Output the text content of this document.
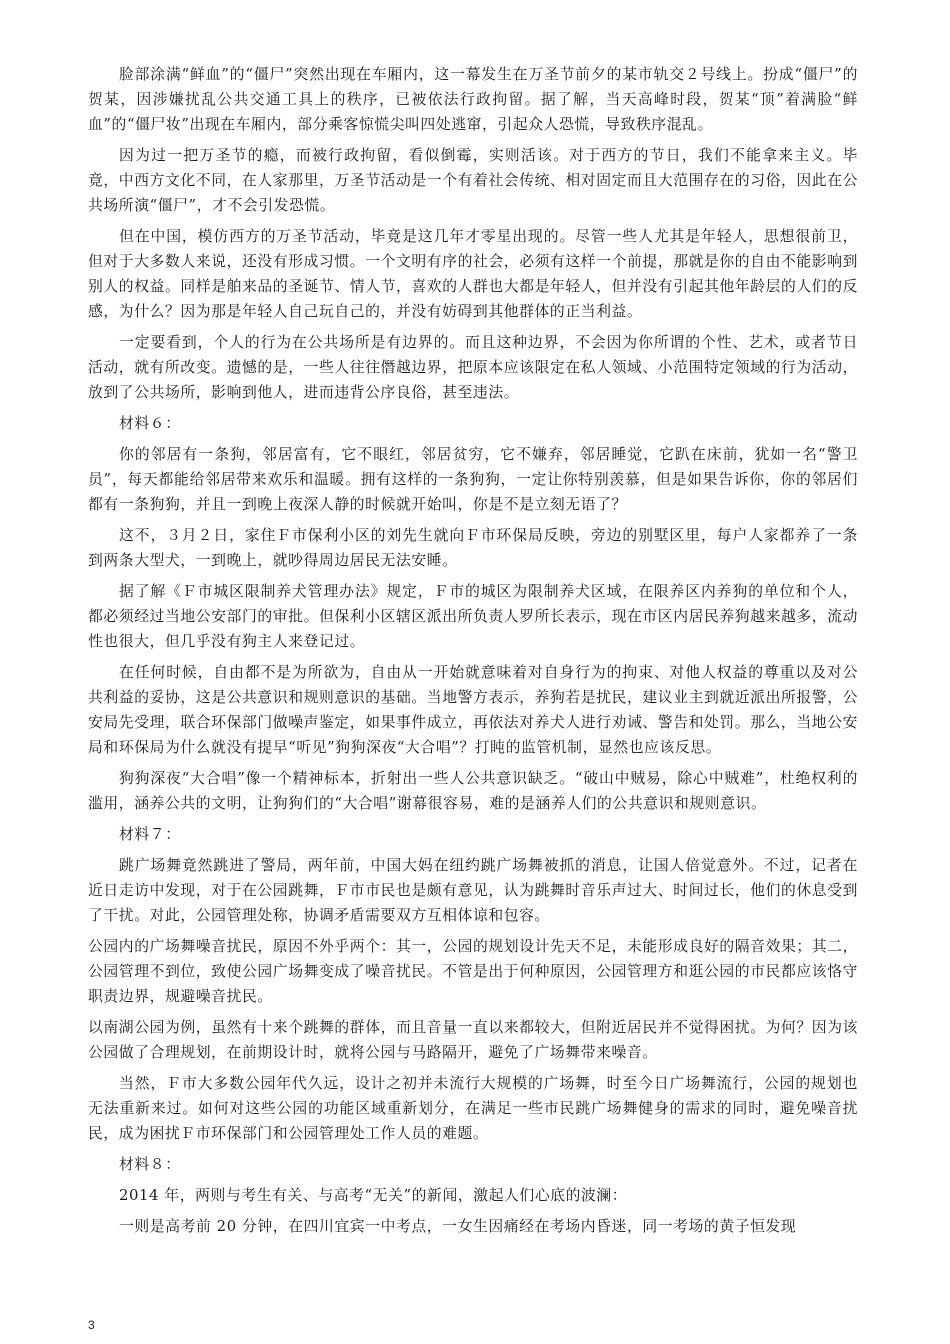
脸部涂满“鲜血”的“僵尸”突然出现在车厢内，这一幕发生在万圣节前夕的某市轨交２号线上。扮成“僵尸”的贺某，因涉嫌扰乱公共交通工具上的秩序，已被依法行政拘留。据了解，当天高峰时段，贺某“顶”着满脸“鲜血”的“僵尸妆”出现在车厢内，部分乘客惊慌尖叫四处逃窜，引起众人恐慌，导致秩序混乱。

因为过一把万圣节的瘾，而被行政拘留，看似倒霉，实则活该。对于西方的节日，我们不能拿来主义。毕竟，中西方文化不同，在人家那里，万圣节活动是一个有着社会传统、相对固定而且大范围存在的习俗，因此在公共场所演“僵尸”，才不会引发恐慌。

但在中国，模仿西方的万圣节活动，毕竟是这几年才零星出现的。尽管一些人尤其是年轻人，思想很前卫，但对于大多数人来说，还没有形成习惯。一个文明有序的社会，必须有这样一个前提，那就是你的自由不能影响到别人的权益。同样是舶来品的圣诞节、情人节，喜欢的人群也大都是年轻人，但并没有引起其他年龄层的人们的反感，为什么？因为那是年轻人自己玩自己的，并没有妨碍到其他群体的正当利益。

一定要看到，个人的行为在公共场所是有边界的。而且这种边界，不会因为你所谓的个性、艺术，或者节日活动，就有所改变。遗憾的是，一些人往往僭越边界，把原本应该限定在私人领域、小范围特定领域的行为活动，放到了公共场所，影响到他人，进而违背公序良俗，甚至违法。

材料６：

你的邻居有一条狗，邻居富有，它不眼红，邻居贫穷，它不嫌弃，邻居睡觉，它趴在床前，犹如一名“警卫员”，每天都能给邻居带来欢乐和温暖。拥有这样的一条狗狗，一定让你特别羡慕，但是如果告诉你，你的邻居们都有一条狗狗，并且一到晚上夜深人静的时候就开始叫，你是不是立刻无语了？

这不，３月２日，家住Ｆ市保利小区的刘先生就向Ｆ市环保局反映，旁边的别墅区里，每户人家都养了一条到两条大型犬，一到晚上，就吵得周边居民无法安睡。

据了解《Ｆ市城区限制养犬管理办法》规定，Ｆ市的城区为限制养犬区域，在限养区内养狗的单位和个人，都必须经过当地公安部门的审批。但保利小区辖区派出所负责人罗所长表示，现在市区内居民养狗越来越多，流动性也很大，但几乎没有狗主人来登记过。

在任何时候，自由都不是为所欲为，自由从一开始就意味着对自身行为的拘束、对他人权益的尊重以及对公共利益的妥协，这是公共意识和规则意识的基础。当地警方表示，养狗若是扰民，建议业主到就近派出所报警，公安局先受理，联合环保部门做噪声鉴定，如果事件成立，再依法对养犬人进行劝诫、警告和处罚。那么，当地公安局和环保局为什么就没有提早“听见”狗狗深夜“大合唱”？打盹的监管机制，显然也应该反思。

狗狗深夜“大合唱”像一个精神标本，折射出一些人公共意识缺乏。“破山中贼易，除心中贼难”，杜绝权利的滥用，涵养公共的文明，让狗狗们的“大合唱”谢幕很容易，难的是涵养人们的公共意识和规则意识。

材料７：

跳广场舞竟然跳进了警局，两年前，中国大妈在纽约跳广场舞被抓的消息，让国人倍觉意外。不过，记者在近日走访中发现，对于在公园跳舞，Ｆ市市民也是颇有意见，认为跳舞时音乐声过大、时间过长，他们的休息受到了干扰。对此，公园管理处称，协调矛盾需要双方互相体谅和包容。

公园内的广场舞噪音扰民，原因不外乎两个：其一，公园的规划设计先天不足，未能形成良好的隔音效果；其二，公园管理不到位，致使公园广场舞变成了噪音扰民。不管是出于何种原因，公园管理方和逛公园的市民都应该恪守职责边界，规避噪音扰民。

以南湖公园为例，虽然有十来个跳舞的群体，而且音量一直以来都较大，但附近居民并不觉得困扰。为何？因为该公园做了合理规划，在前期设计时，就将公园与马路隔开，避免了广场舞带来噪音。

当然，Ｆ市大多数公园年代久远，设计之初并未流行大规模的广场舞，时至今日广场舞流行，公园的规划也无法重新来过。如何对这些公园的功能区域重新划分，在满足一些市民跳广场舞健身的需求的同时，避免噪音扰民，成为困扰Ｆ市环保部门和公园管理处工作人员的难题。

材料８：

2014 年，两则与考生有关、与高考“无关”的新闻，激起人们心底的波澜：

一则是高考前 20 分钟，在四川宜宾一中考点，一女生因痛经在考场内昏迷，同一考场的黄子恒发现

3
